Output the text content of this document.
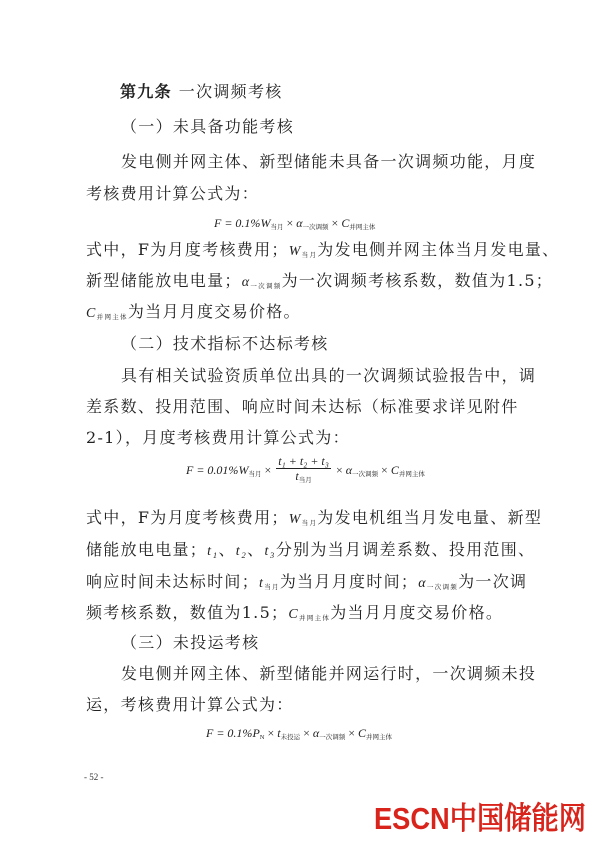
第九条 一次调频考核
（一）未具备功能考核
发电侧并网主体、新型储能未具备一次调频功能，月度
考核费用计算公式为：
$F = 0.1\%W_{当月} \times \alpha_{一次调频} \times C_{并网主体}$
式中，F为月度考核费用；$W_{当月}$为发电侧并网主体当月发电量、
新型储能放电电量；$\alpha_{一次调频}$为一次调频考核系数，数值为1.5；
$C_{并网主体}$为当月月度交易价格。
（二）技术指标不达标考核
具有相关试验资质单位出具的一次调频试验报告中，调
差系数、投用范围、响应时间未达标（标准要求详见附件
2-1），月度考核费用计算公式为：
$F = 0.01\%W_{当月} \times \frac{\text{t₁ + t₂ + t₃}}{t_{当月}} \times \alpha_{一次调频} \times C_{并网主体}$
式中，F为月度考核费用；$W_{当月}$为发电机组当月发电量、新型
储能放电电量；t₁、t₂、t₃分别为当月调差系数、投用范围、
响应时间未达标时间；$t_{当月}$为当月月度时间；$\alpha_{一次调频}$为一次调
频考核系数，数值为1.5；$C_{并网主体}$为当月月度交易价格。
（三）未投运考核
发电侧并网主体、新型储能并网运行时，一次调频未投
运，考核费用计算公式为：
$F = 0.1\%P_N \times t_{未投运} \times \alpha_{一次调频} \times C_{并网主体}$
- 52 -
ESCN中国储能网
